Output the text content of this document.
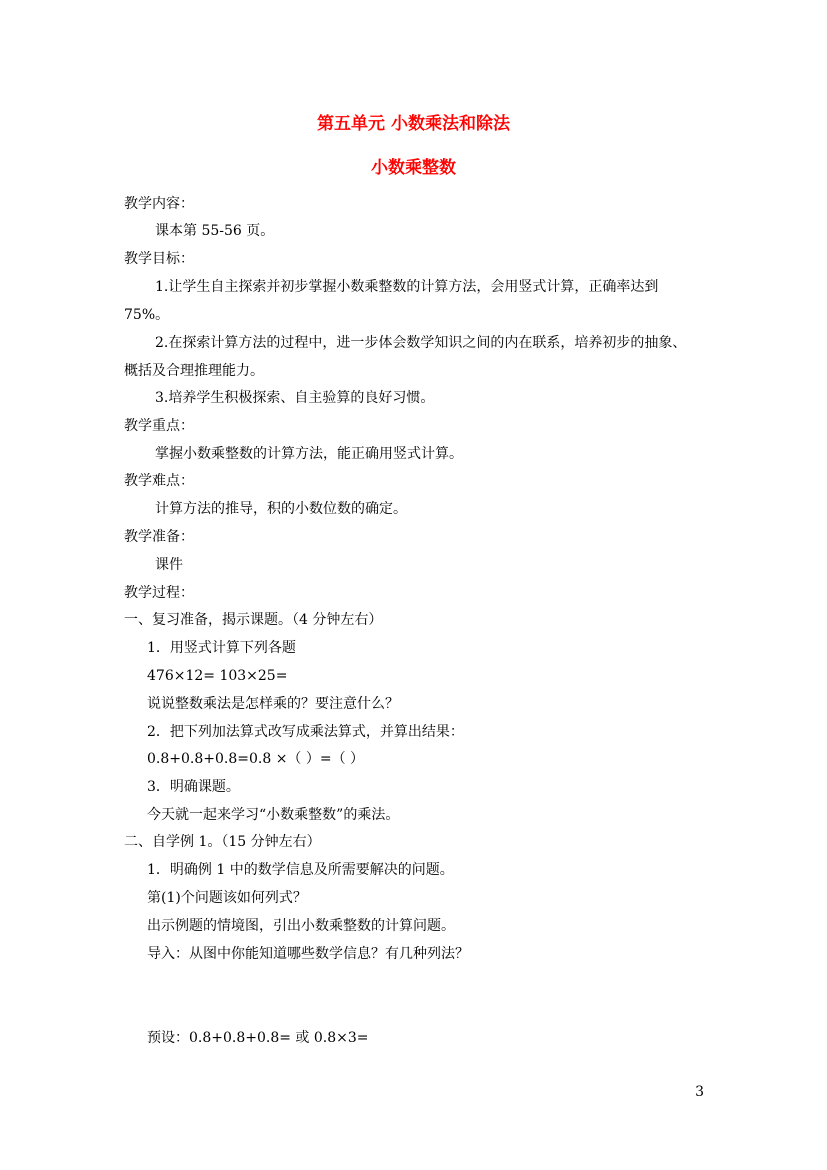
第五单元 小数乘法和除法
小数乘整数
教学内容：
课本第 55-56 页。
教学目标：
1.让学生自主探索并初步掌握小数乘整数的计算方法，会用竖式计算，正确率达到
75%。
2.在探索计算方法的过程中，进一步体会数学知识之间的内在联系，培养初步的抽象、
概括及合理推理能力。
3.培养学生积极探索、自主验算的良好习惯。
教学重点：
掌握小数乘整数的计算方法，能正确用竖式计算。
教学难点：
计算方法的推导，积的小数位数的确定。
教学准备：
课件
教学过程：
一、复习准备，揭示课题。（4 分钟左右）
1．用竖式计算下列各题
476×12= 103×25=
说说整数乘法是怎样乘的？要注意什么？
2．把下列加法算式改写成乘法算式，并算出结果：
0.8+0.8+0.8=0.8 ×（ ）=（ ）
3．明确课题。
今天就一起来学习“小数乘整数”的乘法。
二、自学例 1。（15 分钟左右）
1．明确例 1 中的数学信息及所需要解决的问题。
第(1)个问题该如何列式？
出示例题的情境图，引出小数乘整数的计算问题。
导入：从图中你能知道哪些数学信息？有几种列法？
预设：0.8+0.8+0.8= 或 0.8×3=
3
